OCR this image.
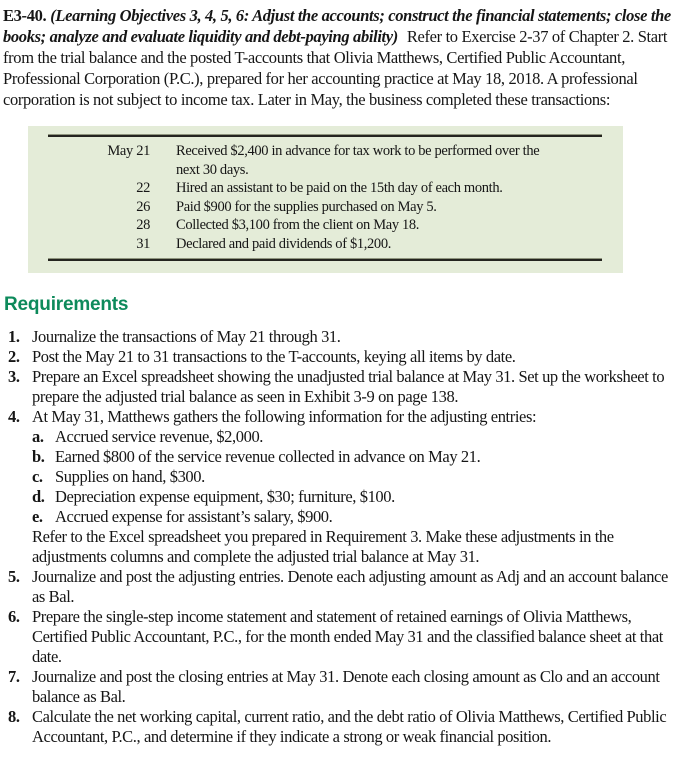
E3-40. (Learning Objectives 3, 4, 5, 6: Adjust the accounts; construct the financial statements; close the books; analyze and evaluate liquidity and debt-paying ability) Refer to Exercise 2-37 of Chapter 2. Start from the trial balance and the posted T-accounts that Olivia Matthews, Certified Public Accountant, Professional Corporation (P.C.), prepared for her accounting practice at May 18, 2018. A professional corporation is not subject to income tax. Later in May, the business completed these transactions:

May 21 Received $2,400 in advance for tax work to be performed over the next 30 days.
22 Hired an assistant to be paid on the 15th day of each month.
26 Paid $900 for the supplies purchased on May 5.
28 Collected $3,100 from the client on May 18.
31 Declared and paid dividends of $1,200.
Requirements
1. Journalize the transactions of May 21 through 31.
2. Post the May 21 to 31 transactions to the T-accounts, keying all items by date.
3. Prepare an Excel spreadsheet showing the unadjusted trial balance at May 31. Set up the worksheet to prepare the adjusted trial balance as seen in Exhibit 3-9 on page 138.
4. At May 31, Matthews gathers the following information for the adjusting entries:
a. Accrued service revenue, $2,000.
b. Earned $800 of the service revenue collected in advance on May 21.
c. Supplies on hand, $300.
d. Depreciation expense equipment, $30; furniture, $100.
e. Accrued expense for assistant’s salary, $900.
Refer to the Excel spreadsheet you prepared in Requirement 3. Make these adjustments in the adjustments columns and complete the adjusted trial balance at May 31.
5. Journalize and post the adjusting entries. Denote each adjusting amount as Adj and an account balance as Bal.
6. Prepare the single-step income statement and statement of retained earnings of Olivia Matthews, Certified Public Accountant, P.C., for the month ended May 31 and the classified balance sheet at that date.
7. Journalize and post the closing entries at May 31. Denote each closing amount as Clo and an account balance as Bal.
8. Calculate the net working capital, current ratio, and the debt ratio of Olivia Matthews, Certified Public Accountant, P.C., and determine if they indicate a strong or weak financial position.
